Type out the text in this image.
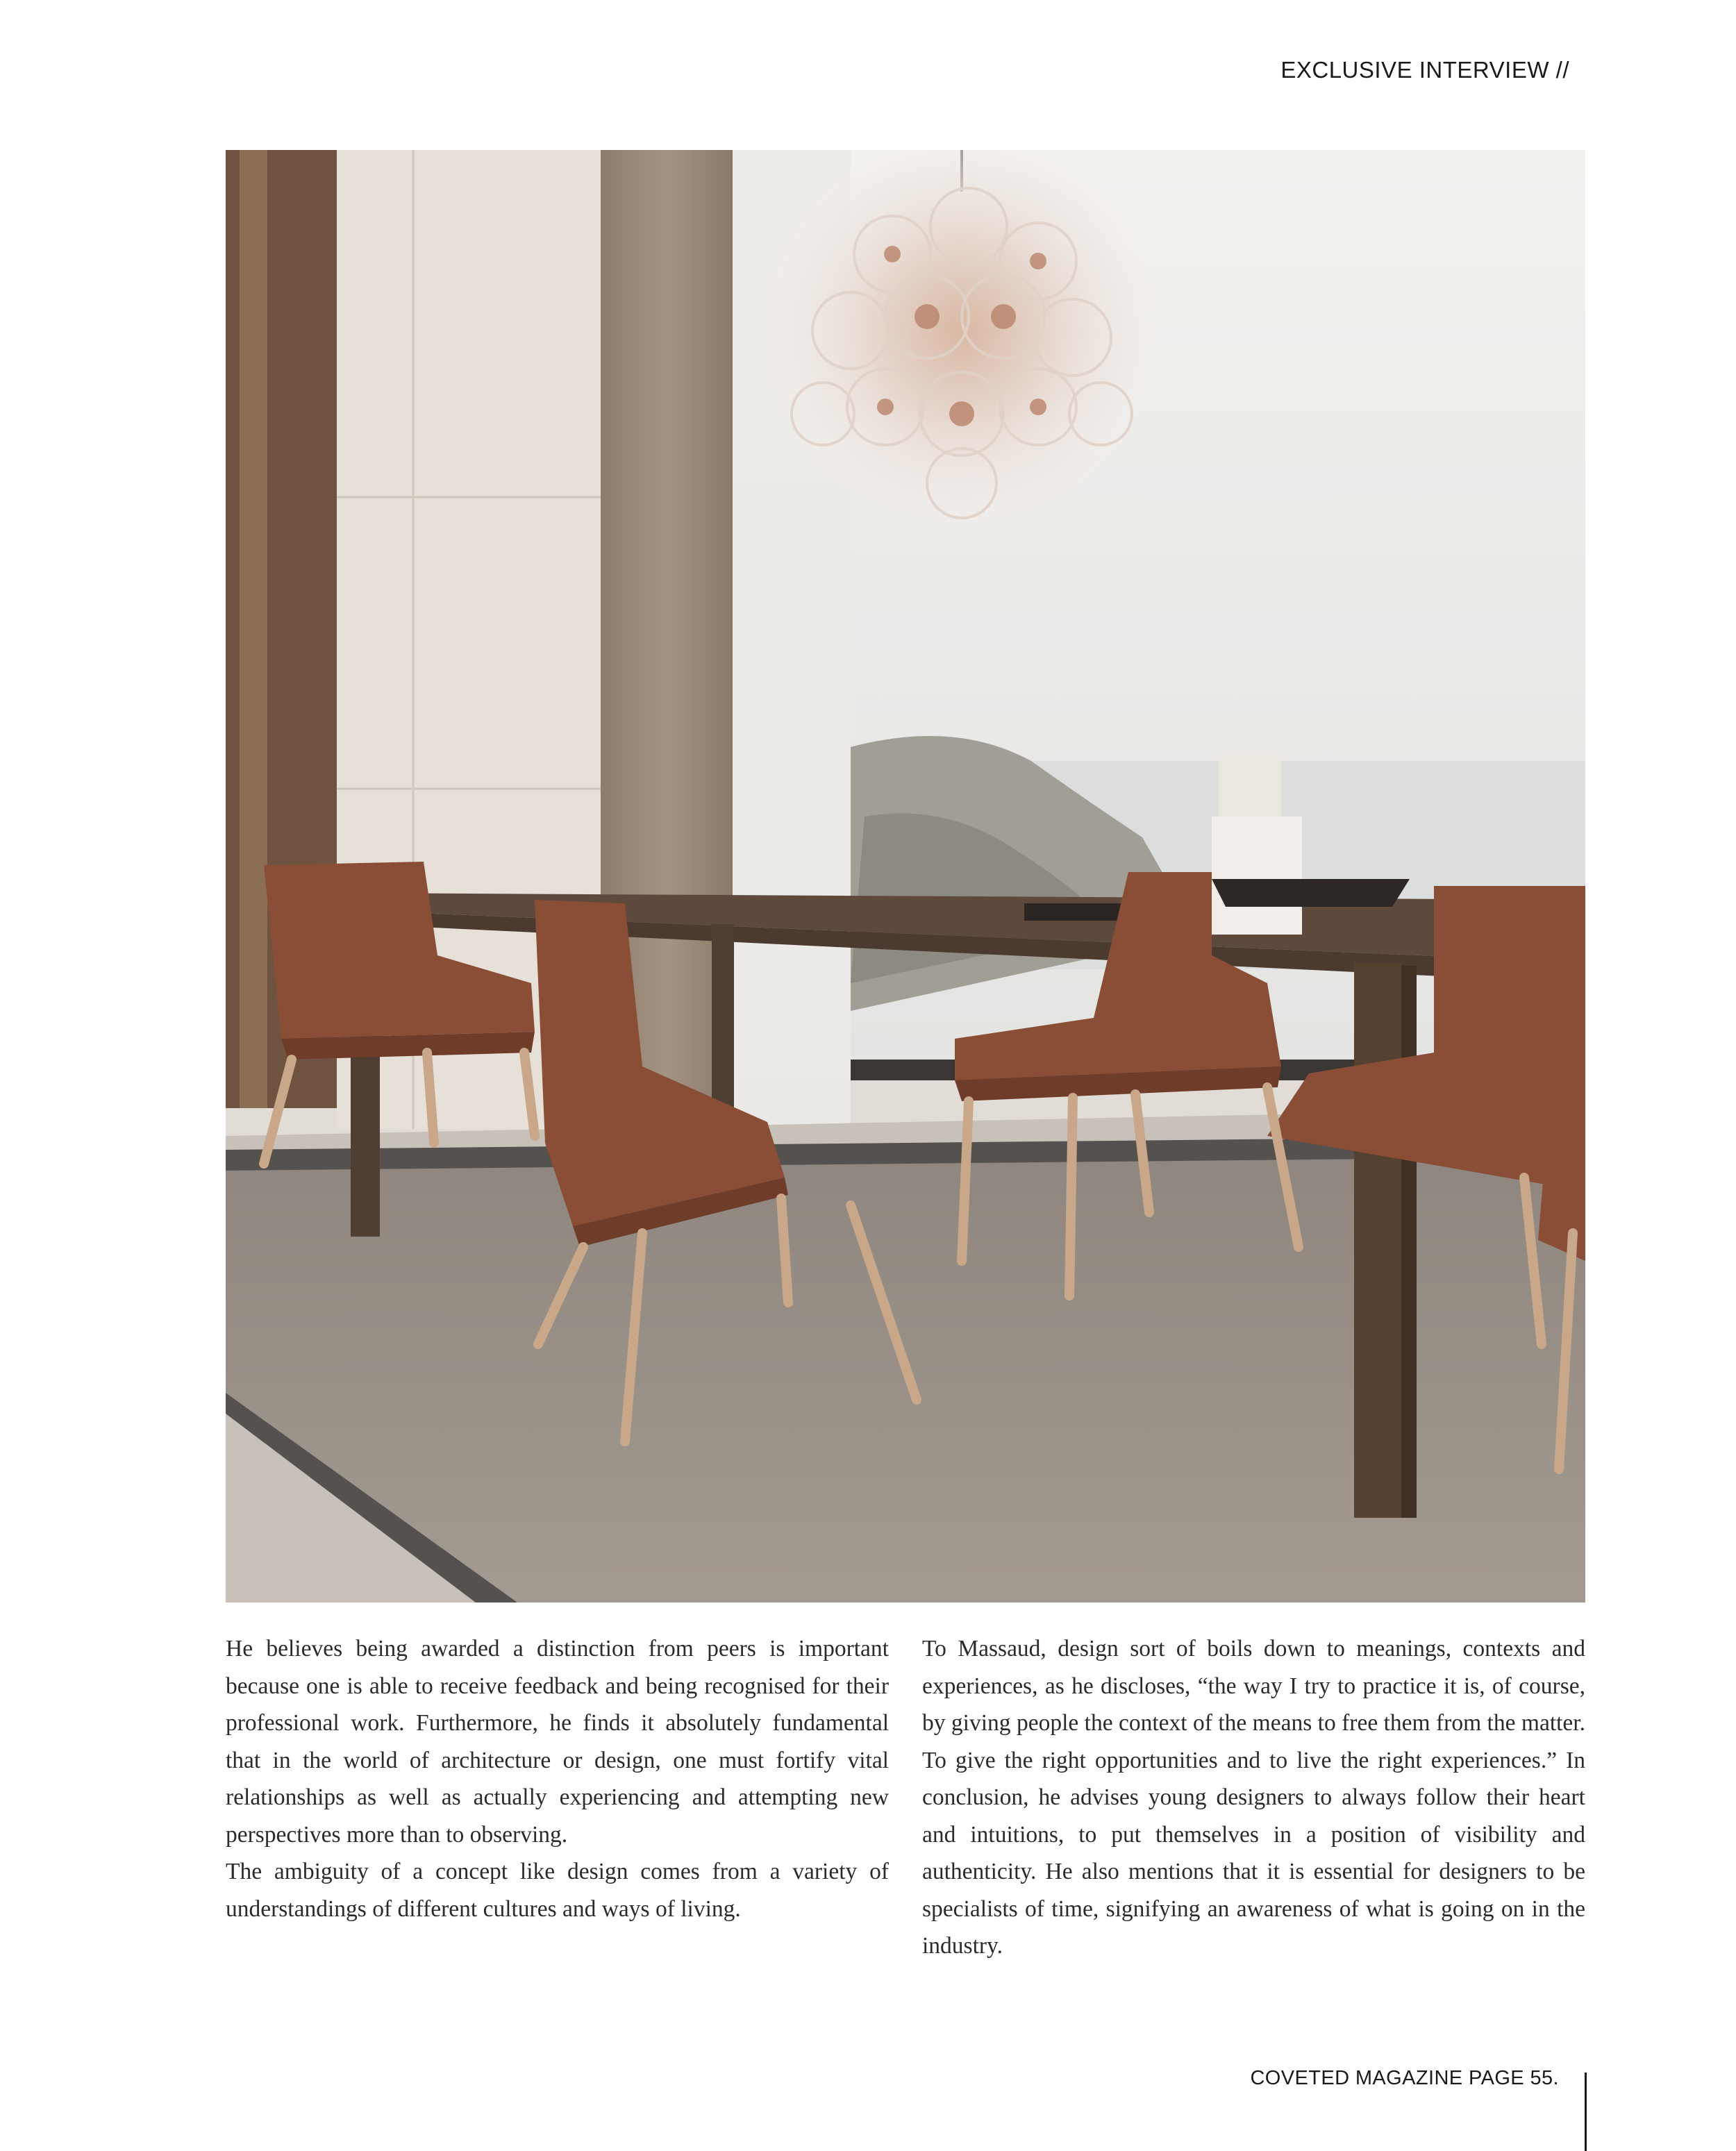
EXCLUSIVE INTERVIEW //

He believes being awarded a distinction from peers is important because one is able to receive feedback and being recognised for their professional work. Furthermore, he finds it absolutely fundamental that in the world of architecture or design, one must fortify vital relationships as well as actually experiencing and attempting new perspectives more than to observing.

The ambiguity of a concept like design comes from a variety of understandings of different cultures and ways of living.

To Massaud, design sort of boils down to meanings, contexts and experiences, as he discloses, “the way I try to practice it is, of course, by giving people the context of the means to free them from the matter. To give the right opportunities and to live the right experiences.” In conclusion, he advises young designers to always follow their heart and intuitions, to put themselves in a position of visibility and authenticity. He also mentions that it is essential for designers to be specialists of time, signifying an awareness of what is going on in the industry.

COVETED MAGAZINE PAGE 55.
